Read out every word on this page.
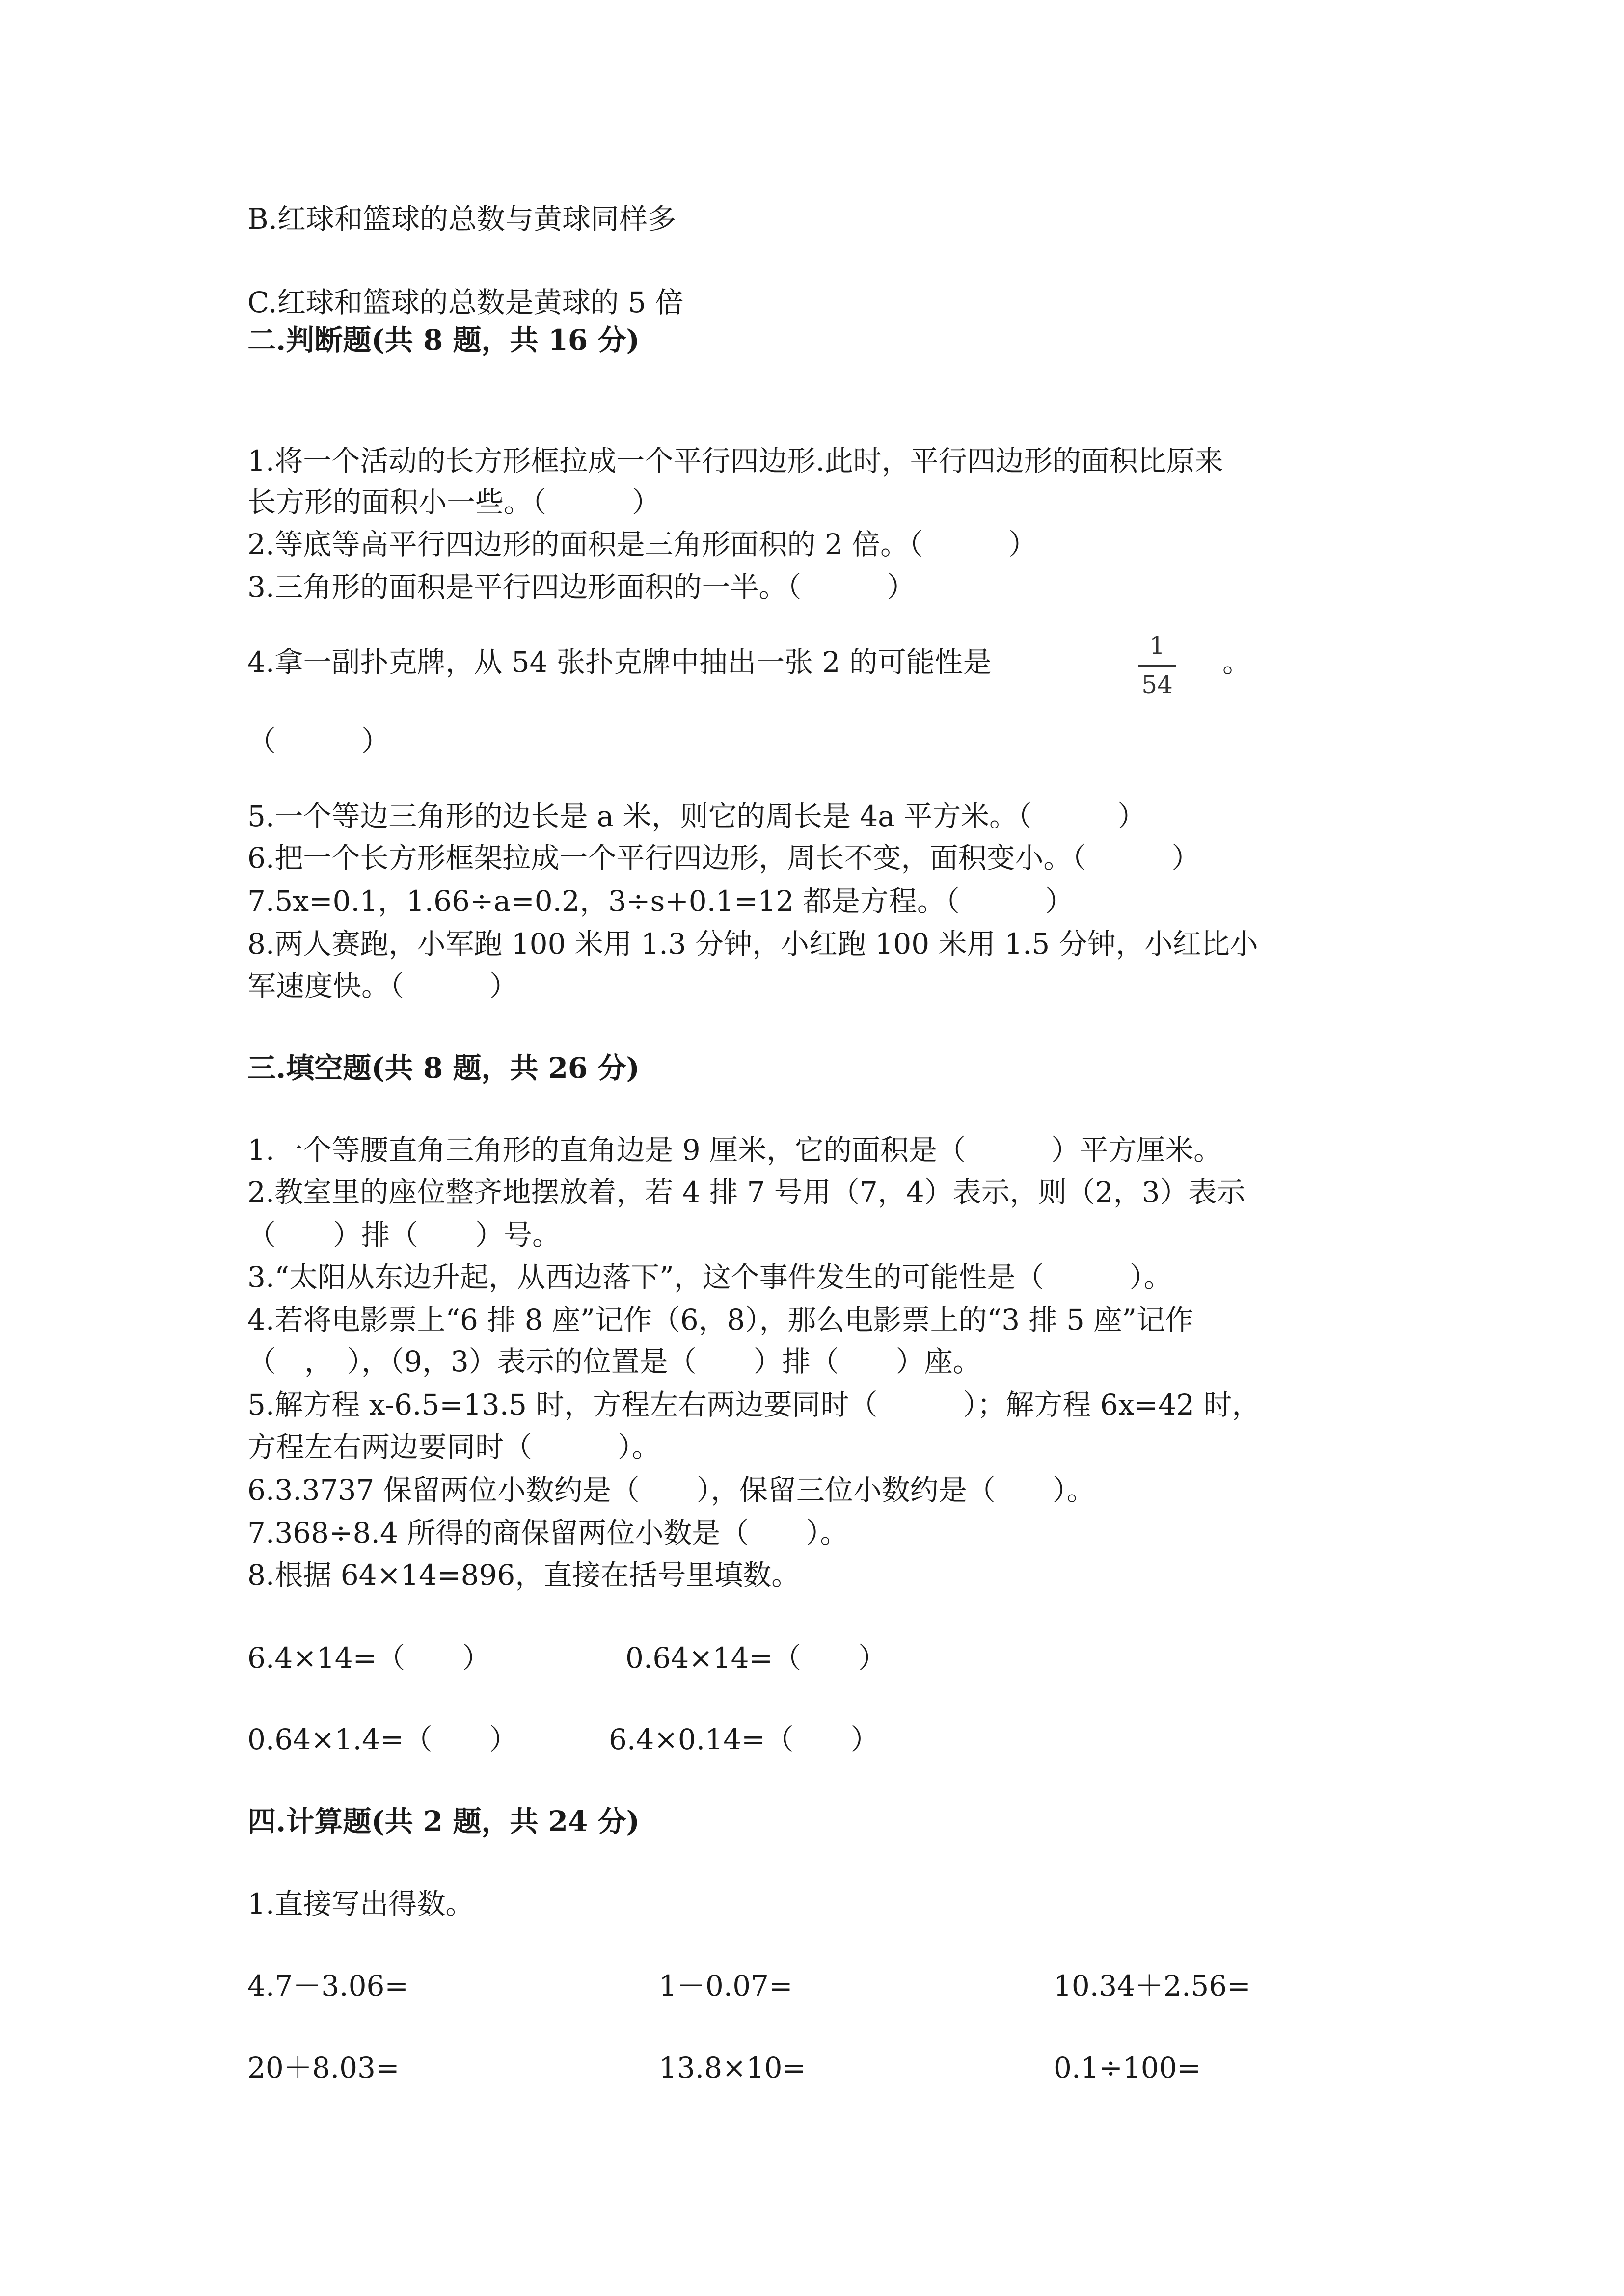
B.红球和篮球的总数与黄球同样多
C.红球和篮球的总数是黄球的 5 倍
二.判断题(共 8 题，共 16 分)
1.将一个活动的长方形框拉成一个平行四边形.此时，平行四边形的面积比原来
长方形的面积小一些。（　　　）
2.等底等高平行四边形的面积是三角形面积的 2 倍。（　　　）
3.三角形的面积是平行四边形面积的一半。（　　　）
4.拿一副扑克牌，从 54 张扑克牌中抽出一张 2 的可能性是	1
54
。
（　　　）
5.一个等边三角形的边长是 a 米，则它的周长是 4a 平方米。（　　　）
6.把一个长方形框架拉成一个平行四边形，周长不变，面积变小。（　　　）
7.5x=0.1，1.66÷a=0.2，3÷s+0.1=12 都是方程。（　　　）
8.两人赛跑，小军跑 100 米用 1.3 分钟，小红跑 100 米用 1.5 分钟，小红比小
军速度快。（　　　）
三.填空题(共 8 题，共 26 分)
1.一个等腰直角三角形的直角边是 9 厘米，它的面积是（　　　）平方厘米。
2.教室里的座位整齐地摆放着，若 4 排 7 号用（7，4）表示，则（2，3）表示
（　　）排（　　）号。
3.“太阳从东边升起，从西边落下”，这个事件发生的可能性是（　　　）。
4.若将电影票上“6 排 8 座”记作（6，8），那么电影票上的“3 排 5 座”记作
（　，　），（9，3）表示的位置是（　　）排（　　）座。
5.解方程 x-6.5=13.5 时，方程左右两边要同时（　　　）；解方程 6x=42 时，
方程左右两边要同时（　　　）。
6.3.3737 保留两位小数约是（　　），保留三位小数约是（　　）。
7.368÷8.4 所得的商保留两位小数是（　　）。
8.根据 64×14=896，直接在括号里填数。
6.4×14=（　　）	0.64×14=（　　）
0.64×1.4=（　　）	6.4×0.14=（　　）
四.计算题(共 2 题，共 24 分)
1.直接写出得数。
4.7－3.06=	1－0.07=	10.34＋2.56=
20＋8.03=	13.8×10=	0.1÷100=
